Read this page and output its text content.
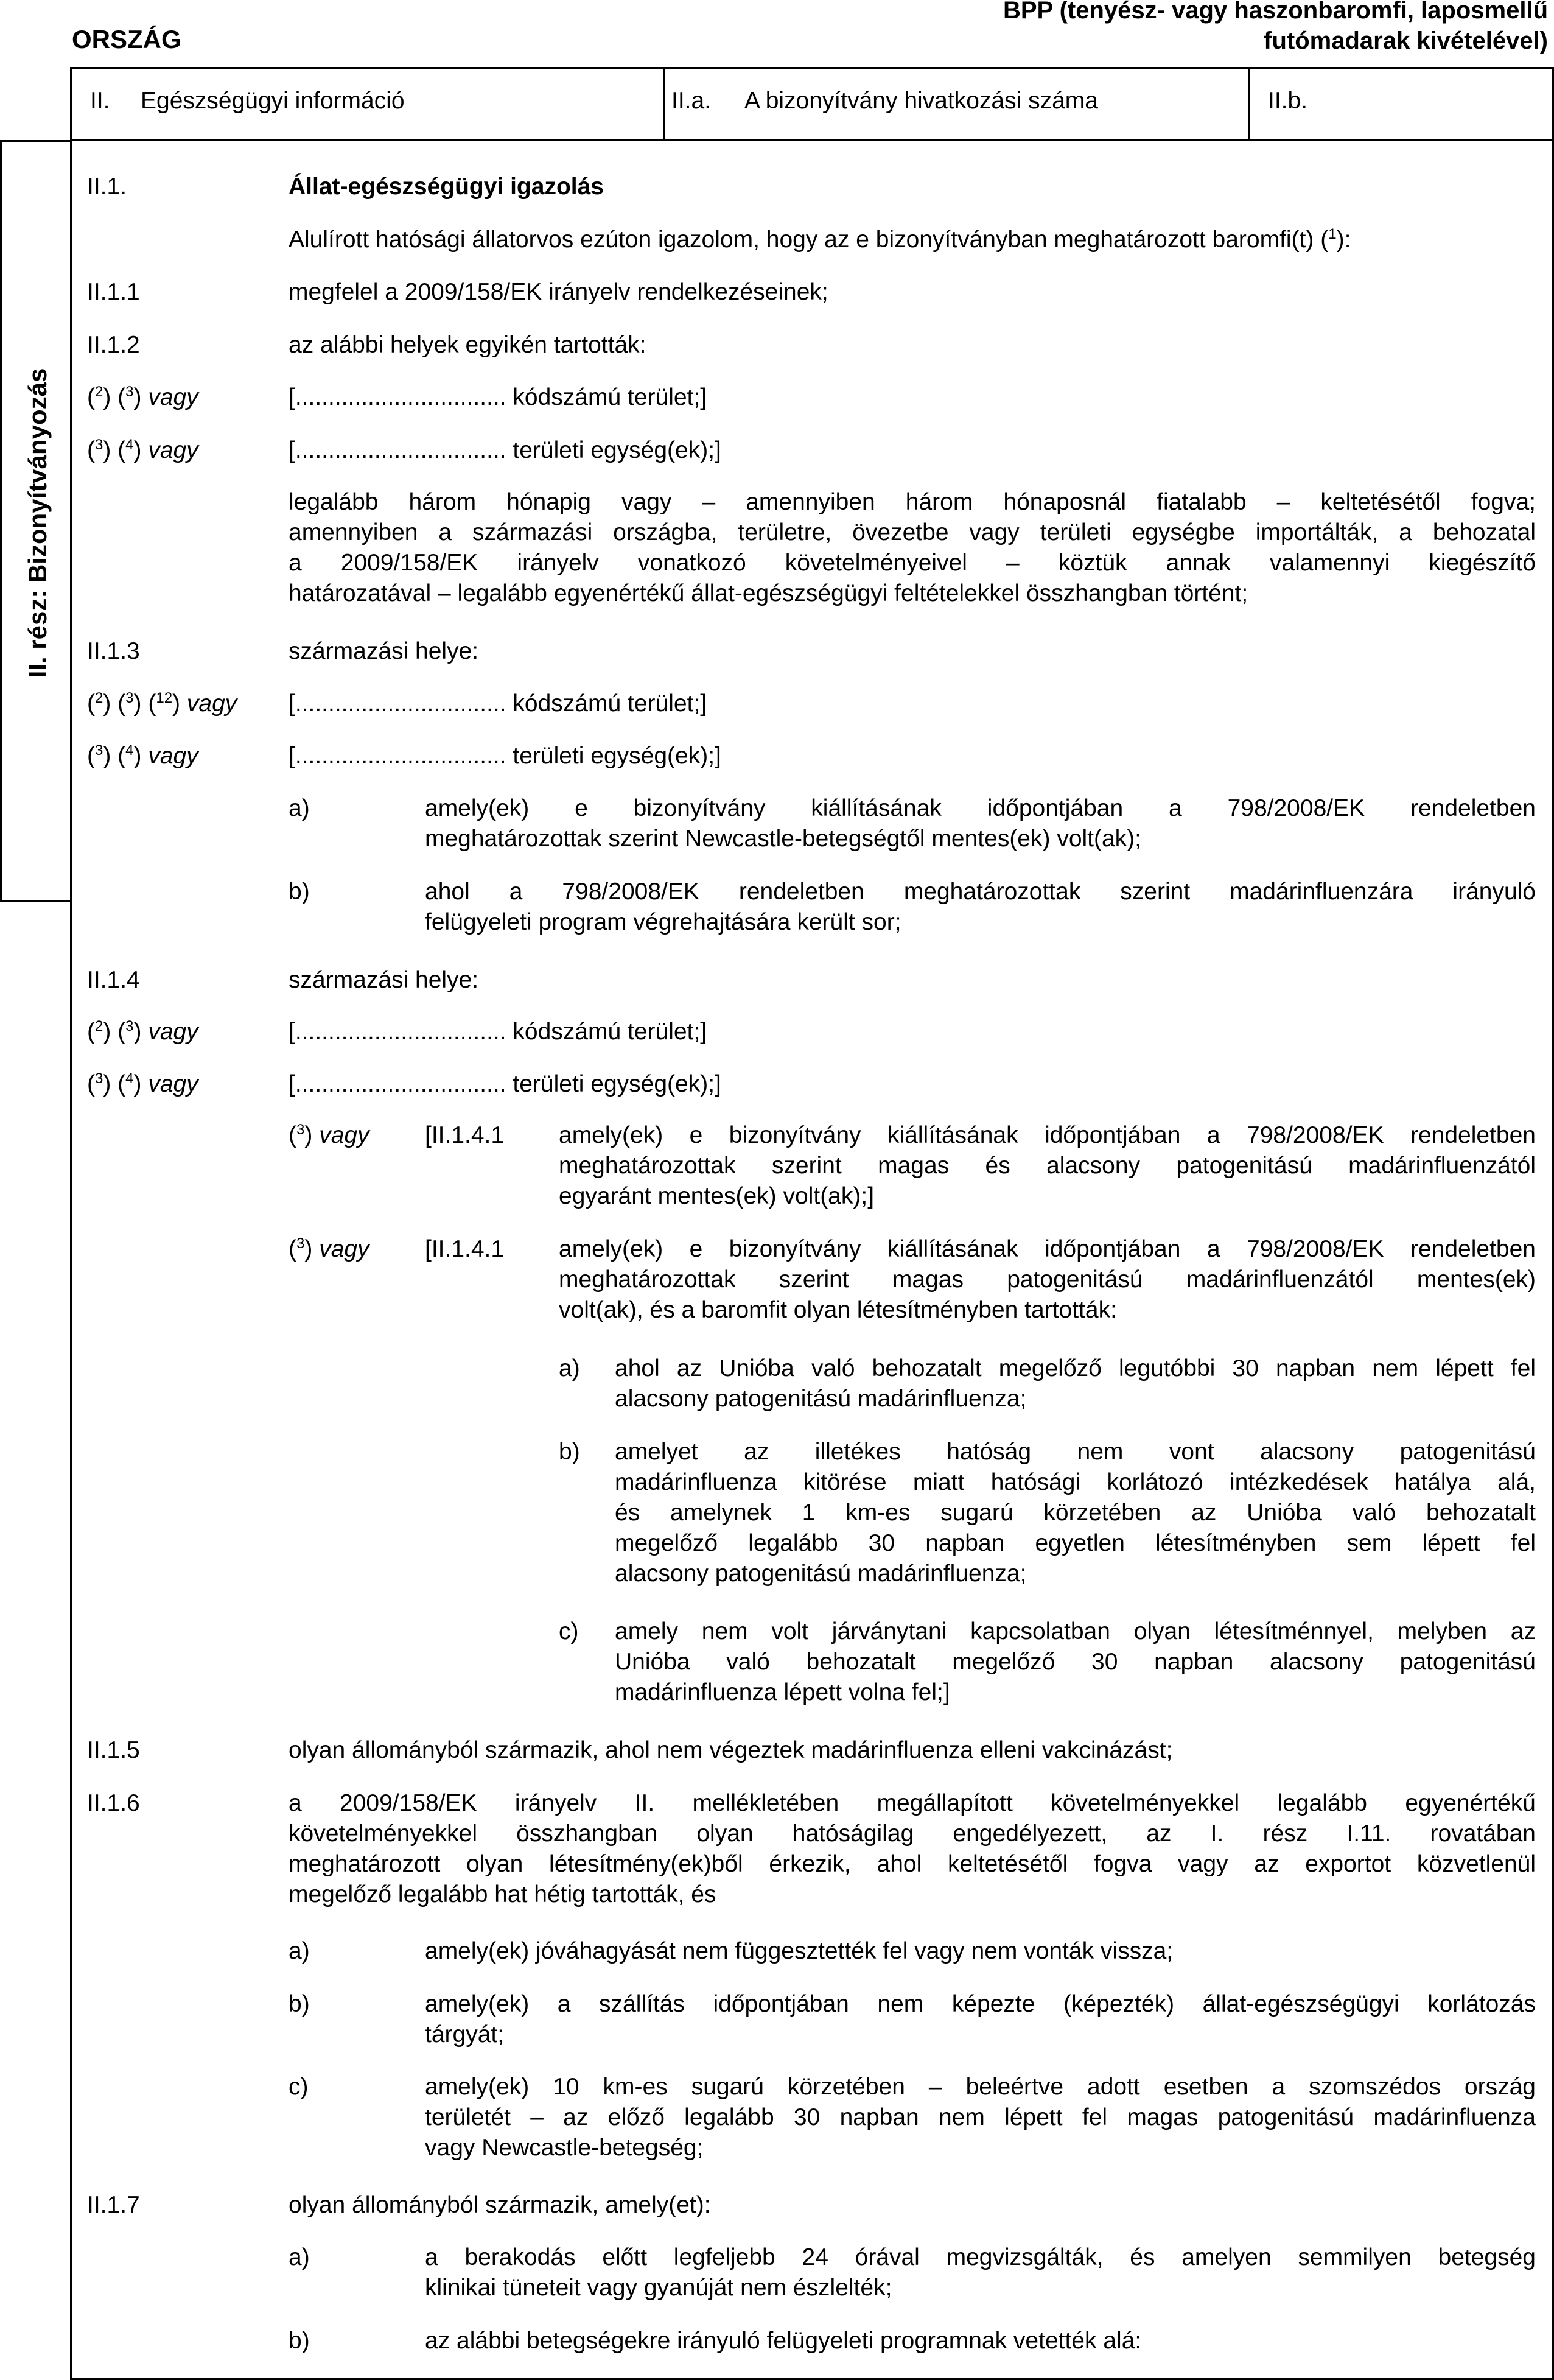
ORSZÁG
BPP (tenyész- vagy haszonbaromfi, laposmellű
futómadarak kivételével)
II. Egészségügyi információ	II.a. A bizonyítvány hivatkozási száma	II.b.
II. rész: Bizonyítványozás
II.1.	Állat-egészségügyi igazolás
Alulírott hatósági állatorvos ezúton igazolom, hogy az e bizonyítványban meghatározott baromfi(t) ($^1$):
II.1.1	megfelel a 2009/158/EK irányelv rendelkezéseinek;
II.1.2	az alábbi helyek egyikén tartották:
($^2$) ($^3$) vagy	[................................ kódszámú terület;]
($^3$) ($^4$) vagy	[................................ területi egység(ek);]
legalább három hónapig vagy – amennyiben három hónaposnál fiatalabb – keltetésétől fogva;
amennyiben a származási országba, területre, övezetbe vagy területi egységbe importálták, a behozatal
a 2009/158/EK irányelv vonatkozó követelményeivel – köztük annak valamennyi kiegészítő
határozatával – legalább egyenértékű állat-egészségügyi feltételekkel összhangban történt;
II.1.3	származási helye:
($^2$) ($^3$) ($^{12}$) vagy [................................ kódszámú terület;]
($^3$) ($^4$) vagy	[................................ területi egység(ek);]
a)	amely(ek) e bizonyítvány kiállításának időpontjában a 798/2008/EK rendeletben
meghatározottak szerint Newcastle-betegségtől mentes(ek) volt(ak);
b)	ahol a 798/2008/EK rendeletben meghatározottak szerint madárinfluenzára irányuló
felügyeleti program végrehajtására került sor;
II.1.4	származási helye:
($^2$) ($^3$) vagy	[................................ kódszámú terület;]
($^3$) ($^4$) vagy	[................................ területi egység(ek);]
($^3$) vagy [II.1.4.1 amely(ek) e bizonyítvány kiállításának időpontjában a 798/2008/EK rendeletben
meghatározottak szerint magas és alacsony patogenitású madárinfluenzától
egyaránt mentes(ek) volt(ak);]
($^3$) vagy [II.1.4.1 amely(ek) e bizonyítvány kiállításának időpontjában a 798/2008/EK rendeletben
meghatározottak szerint magas patogenitású madárinfluenzától mentes(ek)
volt(ak), és a baromfit olyan létesítményben tartották:
a) ahol az Unióba való behozatalt megelőző legutóbbi 30 napban nem lépett fel
alacsony patogenitású madárinfluenza;
b) amelyet az illetékes hatóság nem vont alacsony patogenitású
madárinfluenza kitörése miatt hatósági korlátozó intézkedések hatálya alá,
és amelynek 1 km-es sugarú körzetében az Unióba való behozatalt
megelőző legalább 30 napban egyetlen létesítményben sem lépett fel
alacsony patogenitású madárinfluenza;
c) amely nem volt járványtani kapcsolatban olyan létesítménnyel, melyben az
Unióba való behozatalt megelőző 30 napban alacsony patogenitású
madárinfluenza lépett volna fel;]
II.1.5	olyan állományból származik, ahol nem végeztek madárinfluenza elleni vakcinázást;
II.1.6	a 2009/158/EK irányelv II. mellékletében megállapított követelményekkel legalább egyenértékű
követelményekkel összhangban olyan hatóságilag engedélyezett, az I. rész I.11. rovatában
meghatározott olyan létesítmény(ek)ből érkezik, ahol keltetésétől fogva vagy az exportot közvetlenül
megelőző legalább hat hétig tartották, és
a)	amely(ek) jóváhagyását nem függesztették fel vagy nem vonták vissza;
b)	amely(ek) a szállítás időpontjában nem képezte (képezték) állat-egészségügyi korlátozás
tárgyát;
c)	amely(ek) 10 km-es sugarú körzetében – beleértve adott esetben a szomszédos ország
területét – az előző legalább 30 napban nem lépett fel magas patogenitású madárinfluenza
vagy Newcastle-betegség;
II.1.7	olyan állományból származik, amely(et):
a)	a berakodás előtt legfeljebb 24 órával megvizsgálták, és amelyen semmilyen betegség
klinikai tüneteit vagy gyanúját nem észlelték;
b)	az alábbi betegségekre irányuló felügyeleti programnak vetették alá:
